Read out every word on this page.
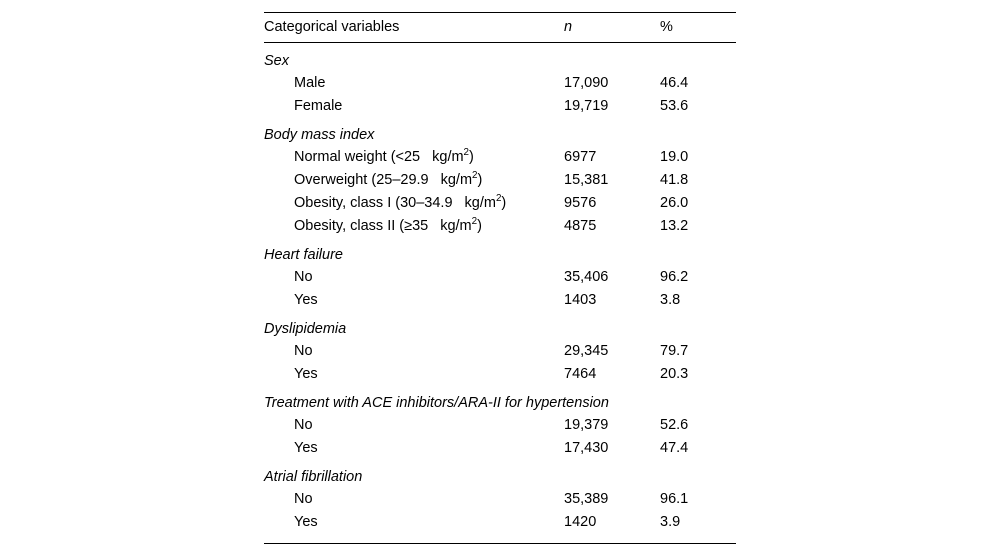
Categorical variables	n	%
Sex		
Male	17,090	46.4
Female	19,719	53.6
Body mass index		
Normal weight (<25 $kg/m^2$)	6977	19.0
Overweight (25–29.9 $kg/m^2$)	15,381	41.8
Obesity, class I (30–34.9 $kg/m^2$)	9576	26.0
Obesity, class II (≥35 $kg/m^2$)	4875	13.2
Heart failure		
No	35,406	96.2
Yes	1403	3.8
Dyslipidemia		
No	29,345	79.7
Yes	7464	20.3
Treatment with ACE inhibitors/ARA-II for hypertension		
No	19,379	52.6
Yes	17,430	47.4
Atrial fibrillation		
No	35,389	96.1
Yes	1420	3.9
